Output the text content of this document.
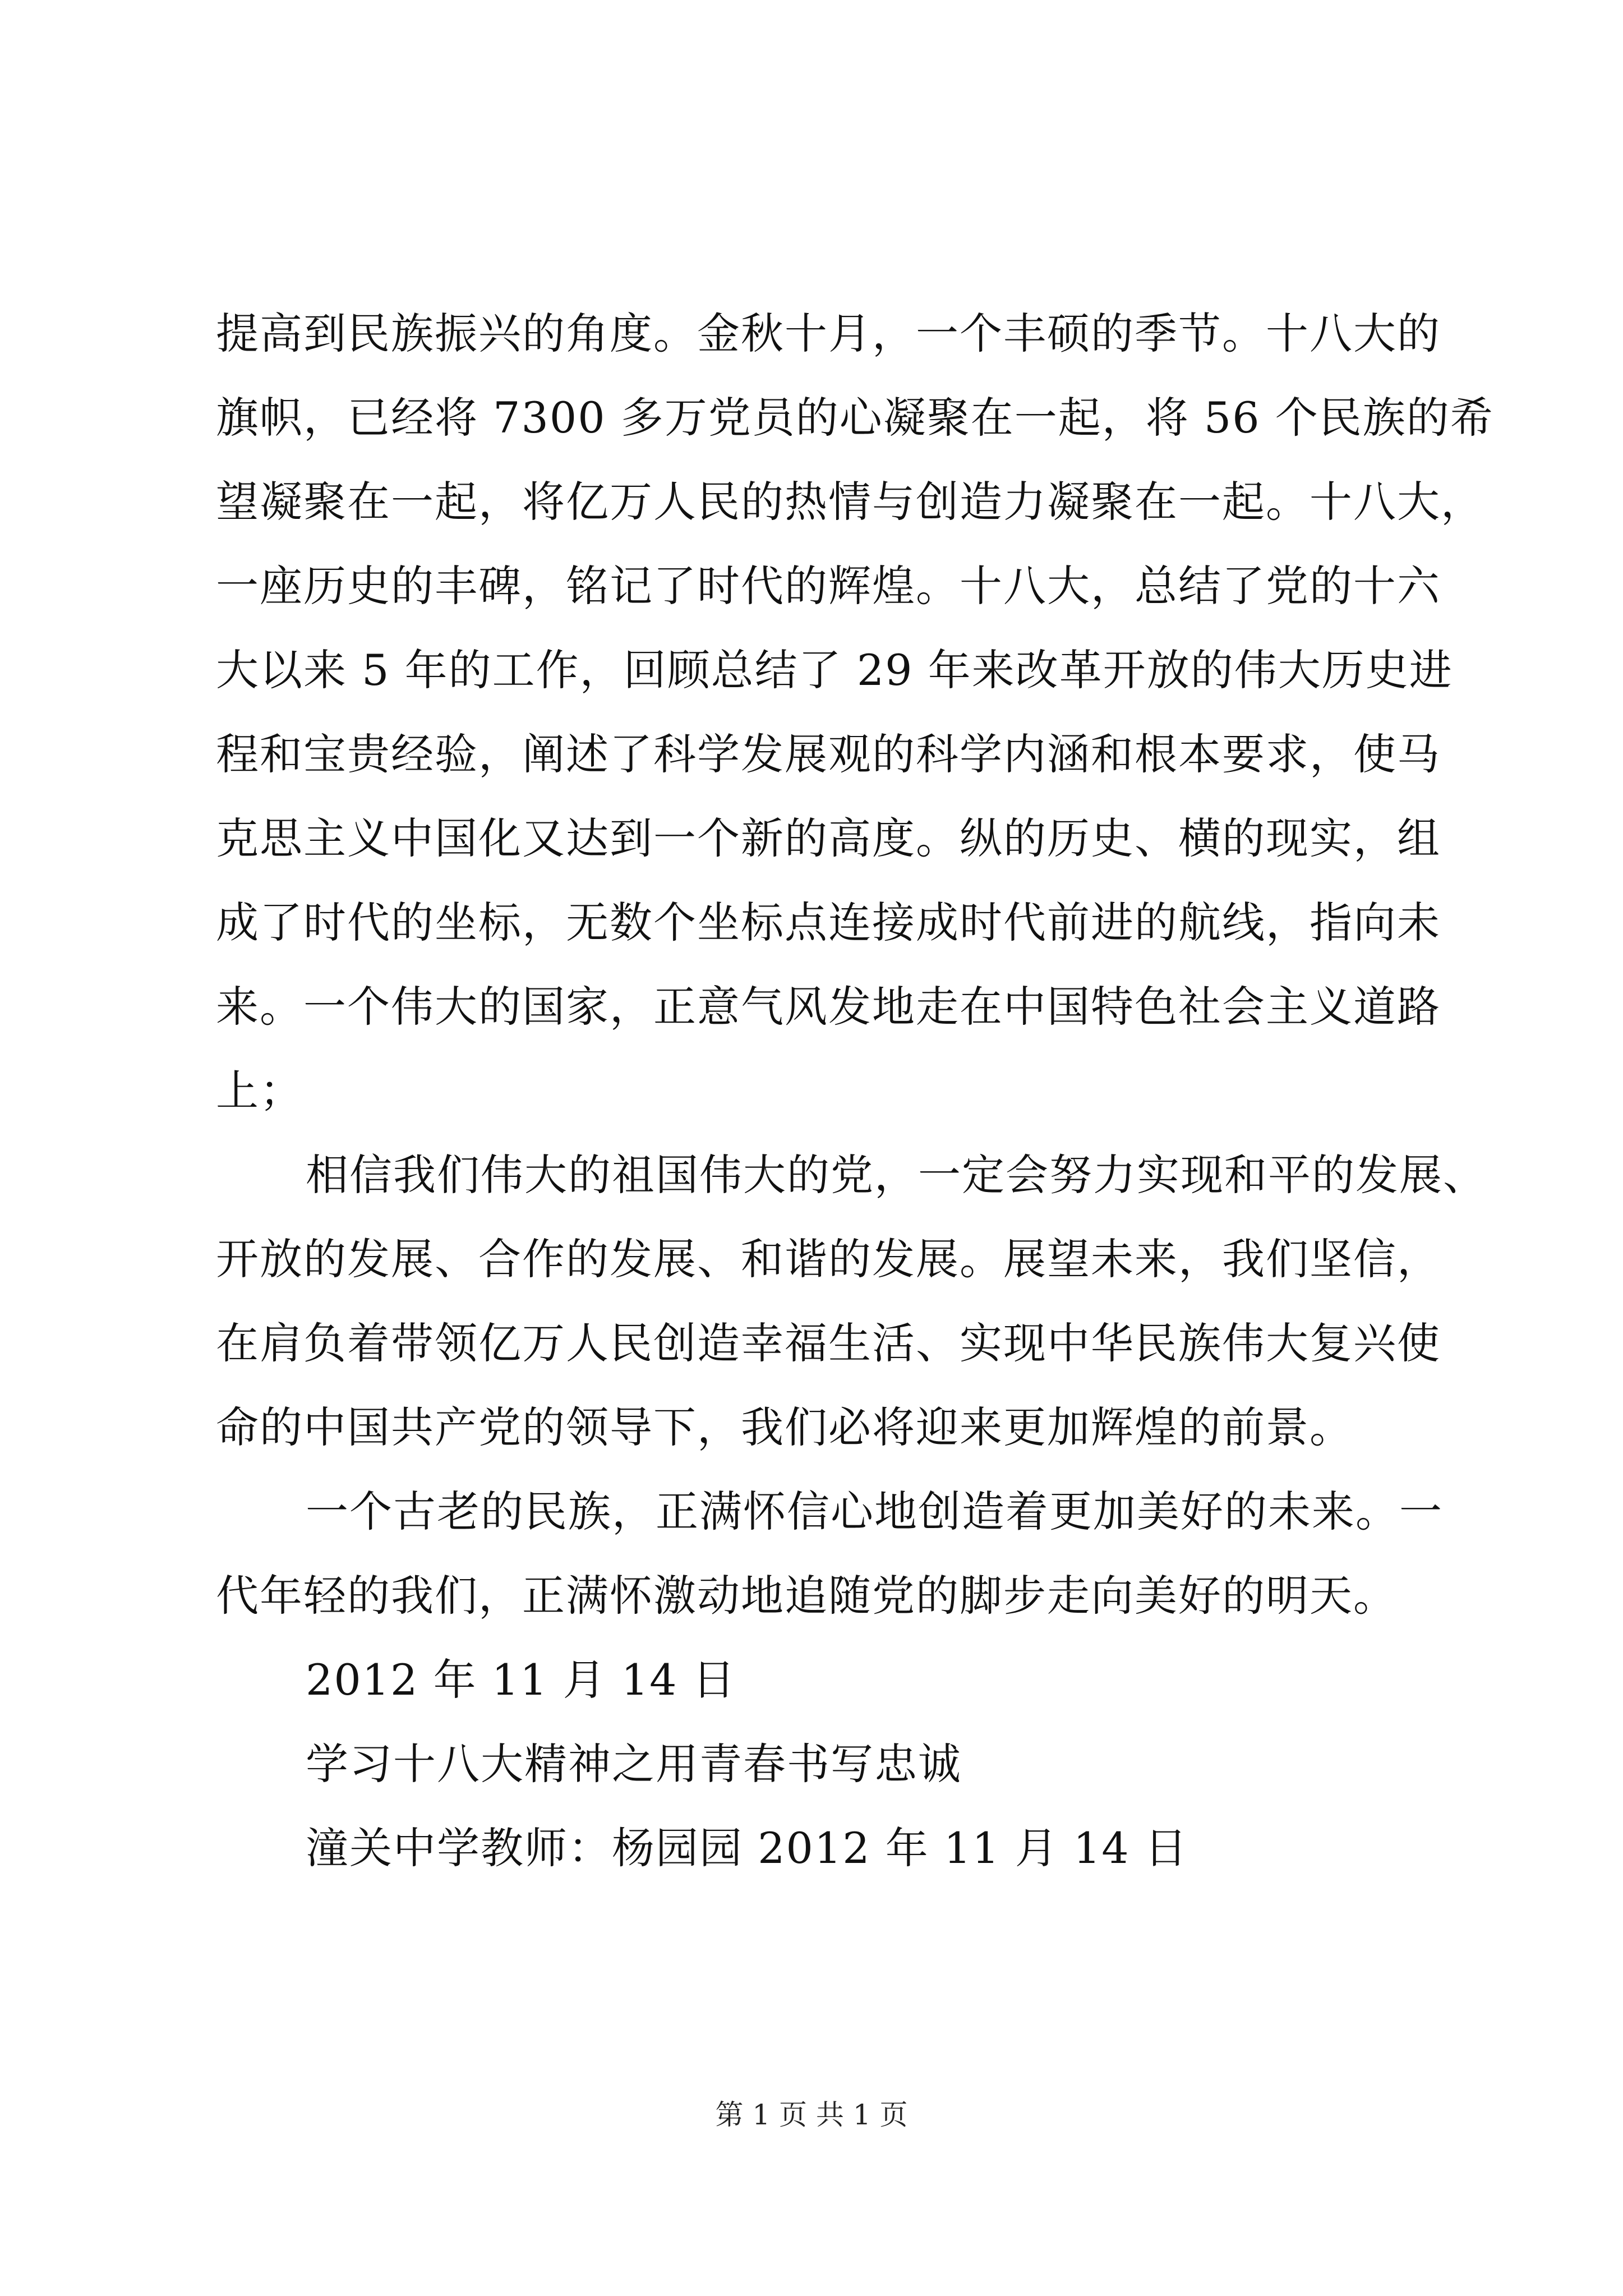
提高到民族振兴的角度。金秋十月，一个丰硕的季节。十八大的
旗帜，已经将 7300 多万党员的心凝聚在一起，将 56 个民族的希
望凝聚在一起，将亿万人民的热情与创造力凝聚在一起。十八大，
一座历史的丰碑，铭记了时代的辉煌。十八大，总结了党的十六
大以来 5 年的工作，回顾总结了 29 年来改革开放的伟大历史进
程和宝贵经验，阐述了科学发展观的科学内涵和根本要求，使马
克思主义中国化又达到一个新的高度。纵的历史、横的现实，组
成了时代的坐标，无数个坐标点连接成时代前进的航线，指向未
来。一个伟大的国家，正意气风发地走在中国特色社会主义道路
上；
相信我们伟大的祖国伟大的党，一定会努力实现和平的发展、
开放的发展、合作的发展、和谐的发展。展望未来，我们坚信，
在肩负着带领亿万人民创造幸福生活、实现中华民族伟大复兴使
命的中国共产党的领导下，我们必将迎来更加辉煌的前景。
一个古老的民族，正满怀信心地创造着更加美好的未来。一
代年轻的我们，正满怀激动地追随党的脚步走向美好的明天。
2012 年 11 月 14 日
学习十八大精神之用青春书写忠诚
潼关中学教师：杨园园 2012 年 11 月 14 日
第 1 页 共 1 页
